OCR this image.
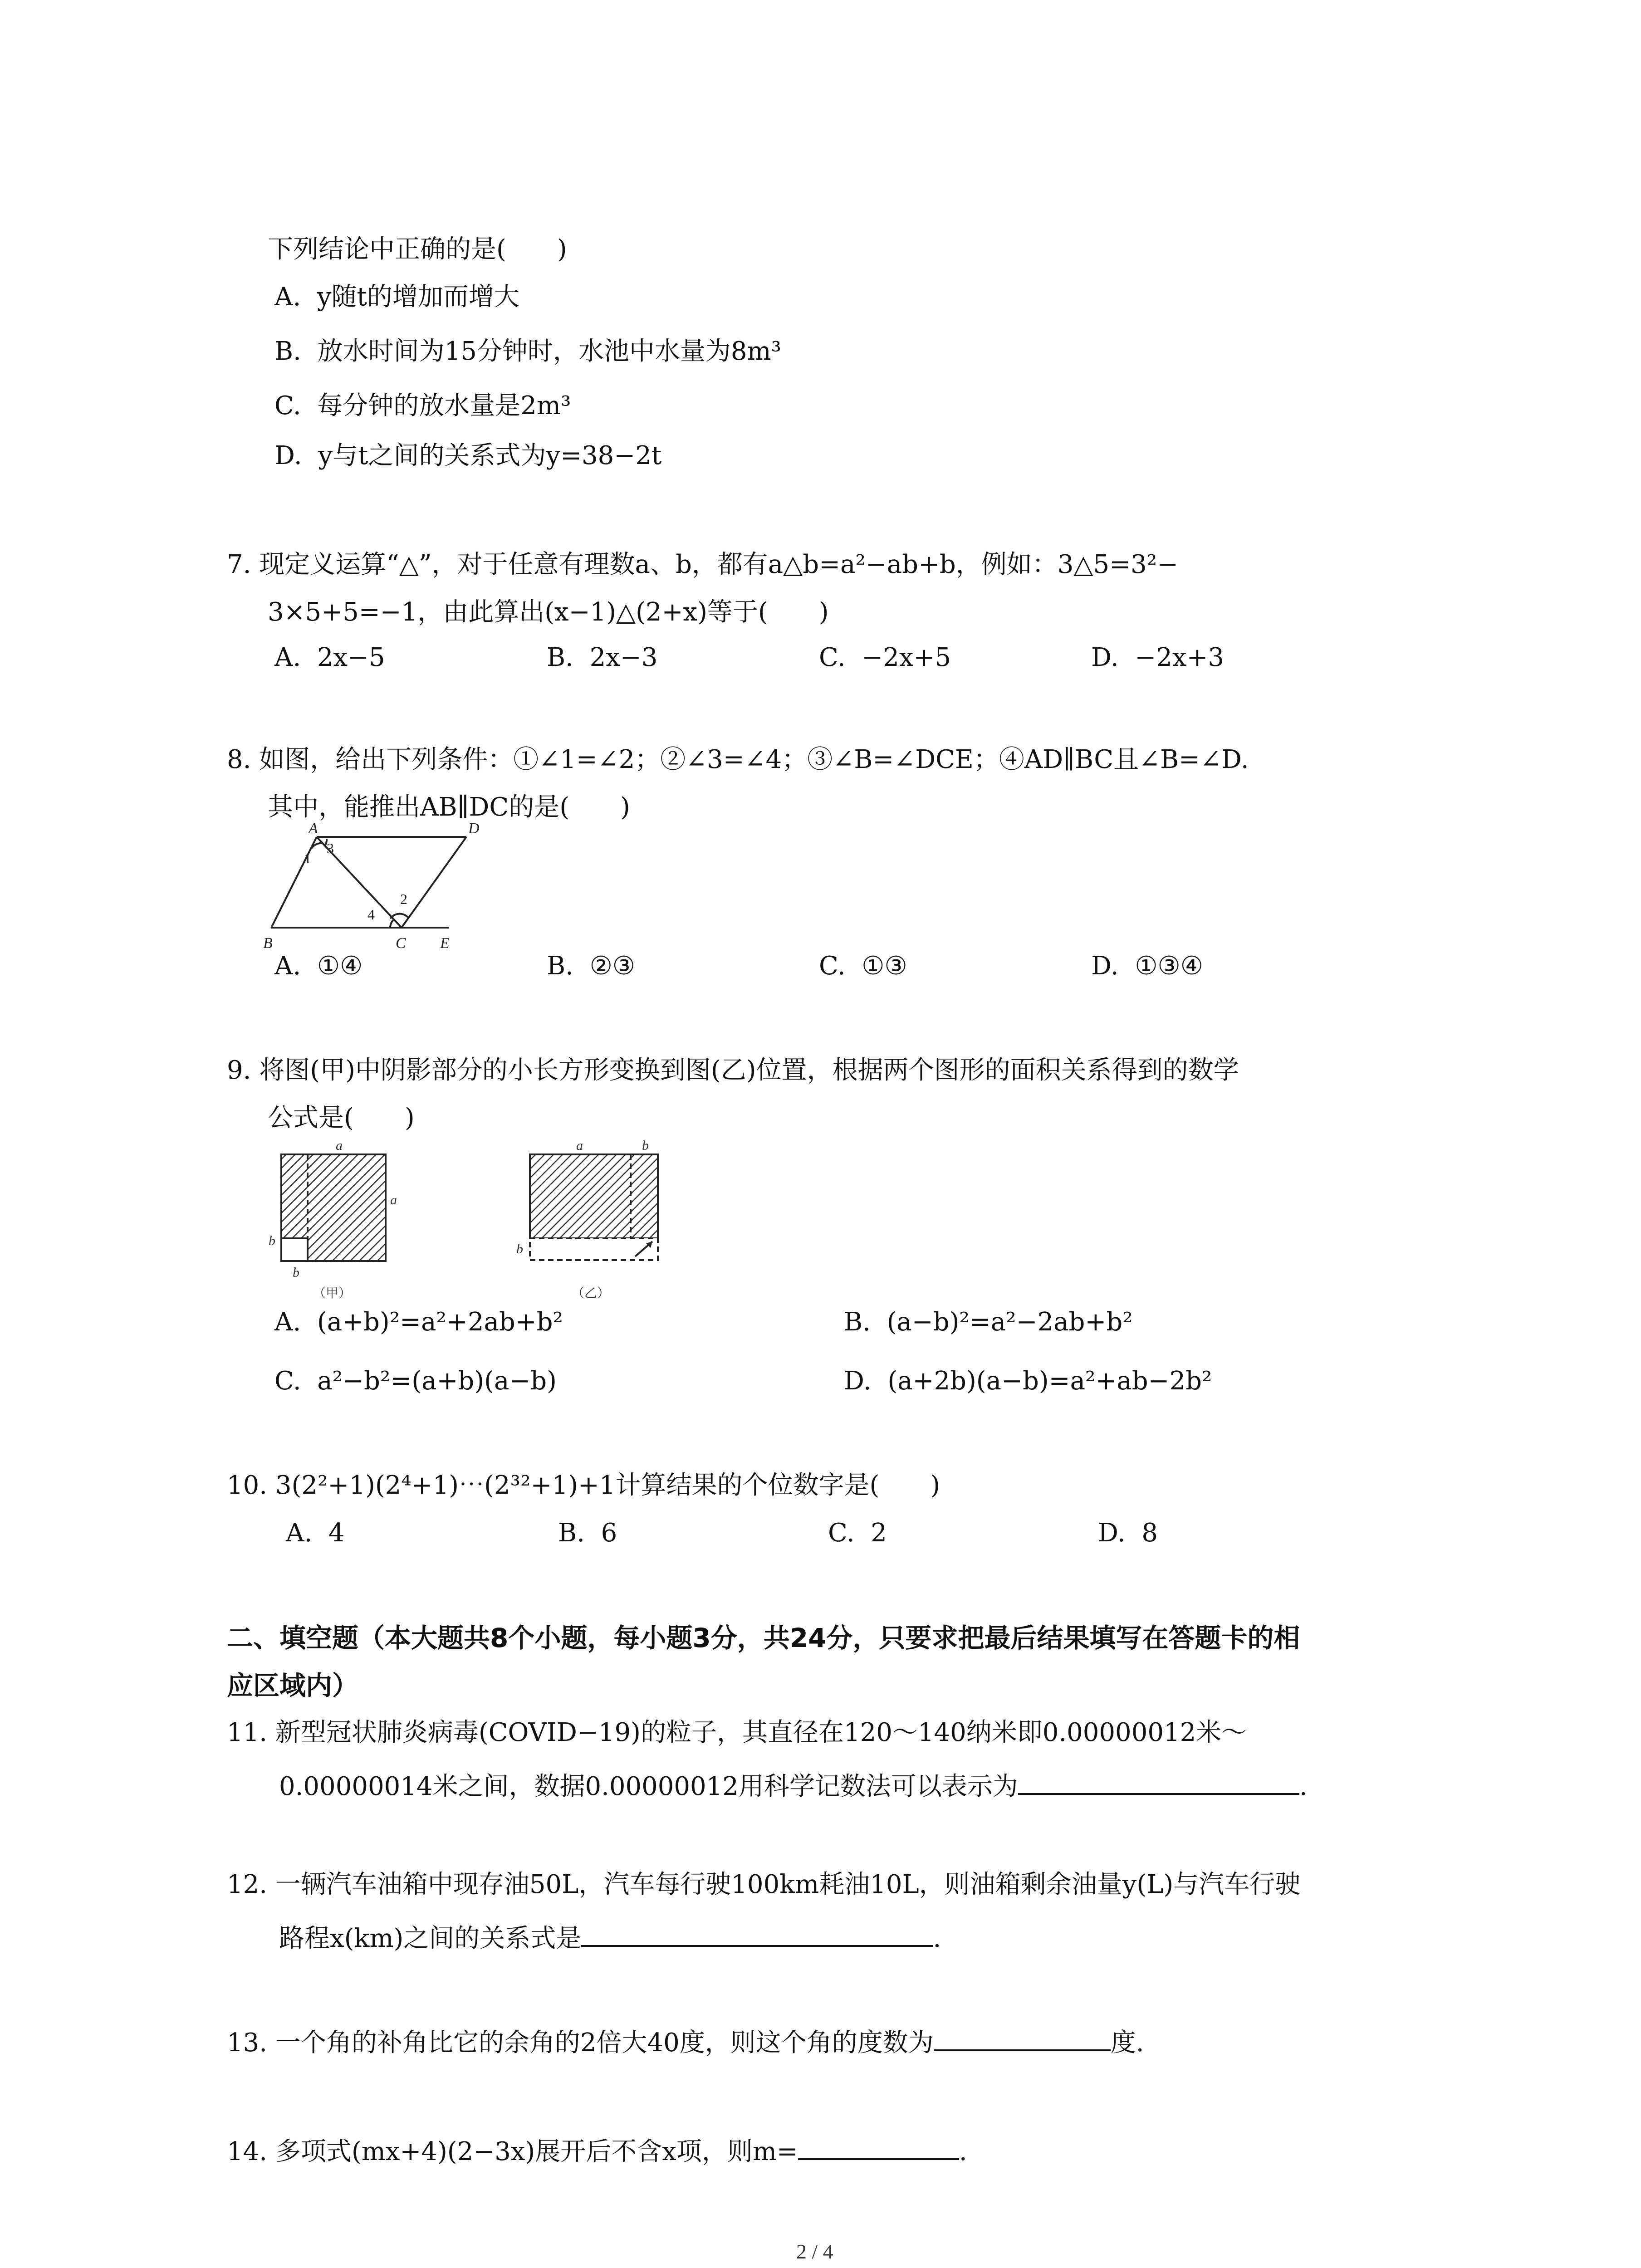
下列结论中正确的是(　　)
A. y随t的增加而增大
B. 放水时间为15分钟时，水池中水量为8m³
C. 每分钟的放水量是2m³
D. y与t之间的关系式为y=38−2t
7. 现定义运算“△”，对于任意有理数a、b，都有a△b=a²−ab+b，例如：3△5=3²−
3×5+5=−1，由此算出(x−1)△(2+x)等于(　　)
A. 2x−5	B. 2x−3	C. −2x+5	D. −2x+3
8. 如图，给出下列条件：①∠1=∠2；②∠3=∠4；③∠B=∠DCE；④AD∥BC且∠B=∠D.
其中，能推出AB∥DC的是(　　)
A	D
B	C E
1
3
2
4
A. ①④	B. ②③	C. ①③	D. ①③④
9. 将图(甲)中阴影部分的小长方形变换到图(乙)位置，根据两个图形的面积关系得到的数学
公式是(　　)
a
a
b
b
（甲）
a	b
b
（乙）
A. (a+b)²=a²+2ab+b²	B. (a−b)²=a²−2ab+b²
C. a²−b²=(a+b)(a−b)	D. (a+2b)(a−b)=a²+ab−2b²
10. 3(2²+1)(2⁴+1)⋯(2³²+1)+1计算结果的个位数字是(　　)
A. 4	B. 6	C. 2	D. 8
二、填空题（本大题共8个小题，每小题3分，共24分，只要求把最后结果填写在答题卡的相
应区域内）
11. 新型冠状肺炎病毒(COVID−19)的粒子，其直径在120～140纳米即0.00000012米～
0.00000014米之间，数据0.00000012用科学记数法可以表示为	.
12. 一辆汽车油箱中现存油50L，汽车每行驶100km耗油10L，则油箱剩余油量y(L)与汽车行驶
路程x(km)之间的关系式是	.
13. 一个角的补角比它的余角的2倍大40度，则这个角的度数为	度.
14. 多项式(mx+4)(2−3x)展开后不含x项，则m=	.
2 / 4
